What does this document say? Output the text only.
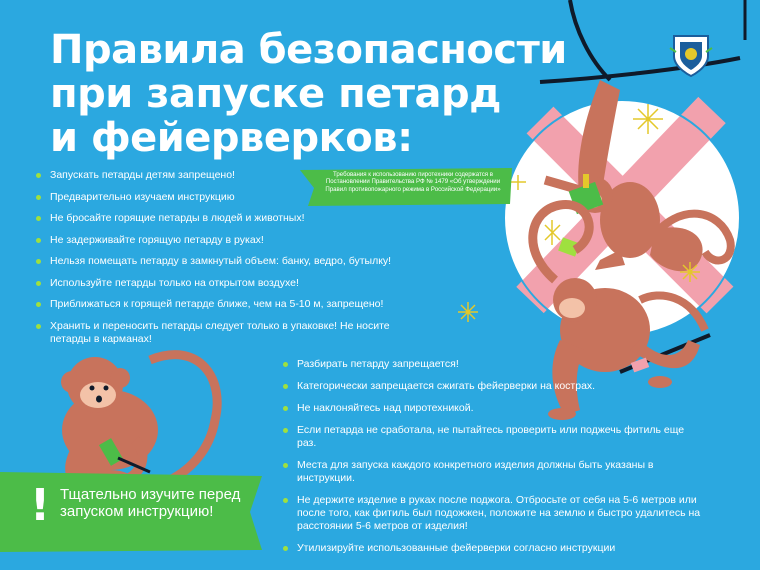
Правила безопасности
при запуске петард
и фейерверков:
Требования к использованию пиротехники содержатся в Постановлении Правительства РФ № 1479 «Об утверждении Правил противопожарного режима в Российской Федерации»
Запускать петарды детям запрещено!
Предварительно изучаем инструкцию
Не бросайте горящие петарды в людей и животных!
Не задерживайте горящую петарду в руках!
Нельзя помещать петарду в замкнутый объем: банку, ведро, бутылку!
Используйте петарды только на открытом воздухе!
Приближаться к горящей петарде ближе, чем на 5-10 м, запрещено!
Хранить и переносить петарды следует только в упаковке! Не носите петарды в карманах!
Разбирать петарду запрещается!
Категорически запрещается сжигать фейерверки на кострах.
Не наклоняйтесь над пиротехникой.
Если петарда не сработала, не пытайтесь проверить или поджечь фитиль еще раз.
Места для запуска каждого конкретного изделия должны быть указаны в инструкции.
Не держите изделие в руках после поджога. Отбросьте от себя на 5-6 метров или после того, как фитиль был подожжен, положите на землю и быстро удалитесь на расстоянии 5-6 метров от изделия!
Утилизируйте использованные фейерверки согласно инструкции
! Тщательно изучите перед запуском инструкцию!
